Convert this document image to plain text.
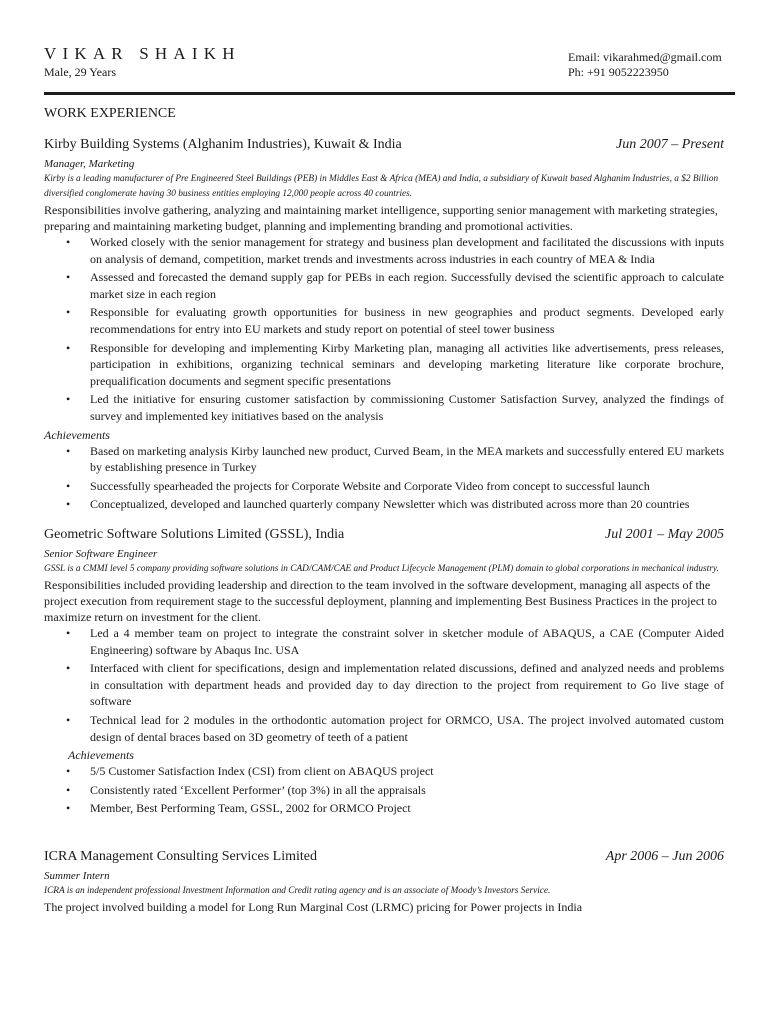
VIKAR SHAIKH
Male, 29 Years
Email: vikarahmed@gmail.com
Ph: +91 9052223950
WORK EXPERIENCE
Kirby Building Systems (Alghanim Industries), Kuwait & India	Jun 2007 – Present
Manager, Marketing
Kirby is a leading manufacturer of Pre Engineered Steel Buildings (PEB) in Middles East & Africa (MEA) and India, a subsidiary of Kuwait based Alghanim Industries, a $2 Billion diversified conglomerate having 30 business entities employing 12,000 people across 40 countries.

Responsibilities involve gathering, analyzing and maintaining market intelligence, supporting senior management with marketing strategies, preparing and maintaining marketing budget, planning and implementing branding and promotional activities.

• Worked closely with the senior management for strategy and business plan development and facilitated the discussions with inputs on analysis of demand, competition, market trends and investments across industries in each country of MEA & India
• Assessed and forecasted the demand supply gap for PEBs in each region. Successfully devised the scientific approach to calculate market size in each region
• Responsible for evaluating growth opportunities for business in new geographies and product segments. Developed early recommendations for entry into EU markets and study report on potential of steel tower business
• Responsible for developing and implementing Kirby Marketing plan, managing all activities like advertisements, press releases, participation in exhibitions, organizing technical seminars and developing marketing literature like corporate brochure, prequalification documents and segment specific presentations
• Led the initiative for ensuring customer satisfaction by commissioning Customer Satisfaction Survey, analyzed the findings of survey and implemented key initiatives based on the analysis
Achievements
• Based on marketing analysis Kirby launched new product, Curved Beam, in the MEA markets and successfully entered EU markets by establishing presence in Turkey
• Successfully spearheaded the projects for Corporate Website and Corporate Video from concept to successful launch
• Conceptualized, developed and launched quarterly company Newsletter which was distributed across more than 20 countries
Geometric Software Solutions Limited (GSSL), India	Jul 2001 – May 2005
Senior Software Engineer
GSSL is a CMMI level 5 company providing software solutions in CAD/CAM/CAE and Product Lifecycle Management (PLM) domain to global corporations in mechanical industry.

Responsibilities included providing leadership and direction to the team involved in the software development, managing all aspects of the project execution from requirement stage to the successful deployment, planning and implementing Best Business Practices in the project to maximize return on investment for the client.

• Led a 4 member team on project to integrate the constraint solver in sketcher module of ABAQUS, a CAE (Computer Aided Engineering) software by Abaqus Inc. USA
• Interfaced with client for specifications, design and implementation related discussions, defined and analyzed needs and problems in consultation with department heads and provided day to day direction to the project from requirement to Go live stage of software
• Technical lead for 2 modules in the orthodontic automation project for ORMCO, USA. The project involved automated custom design of dental braces based on 3D geometry of teeth of a patient
Achievements
• 5/5 Customer Satisfaction Index (CSI) from client on ABAQUS project
• Consistently rated ‘Excellent Performer’ (top 3%) in all the appraisals
• Member, Best Performing Team, GSSL, 2002 for ORMCO Project
ICRA Management Consulting Services Limited	Apr 2006 – Jun 2006
Summer Intern
ICRA is an independent professional Investment Information and Credit rating agency and is an associate of Moody’s Investors Service.

The project involved building a model for Long Run Marginal Cost (LRMC) pricing for Power projects in India
